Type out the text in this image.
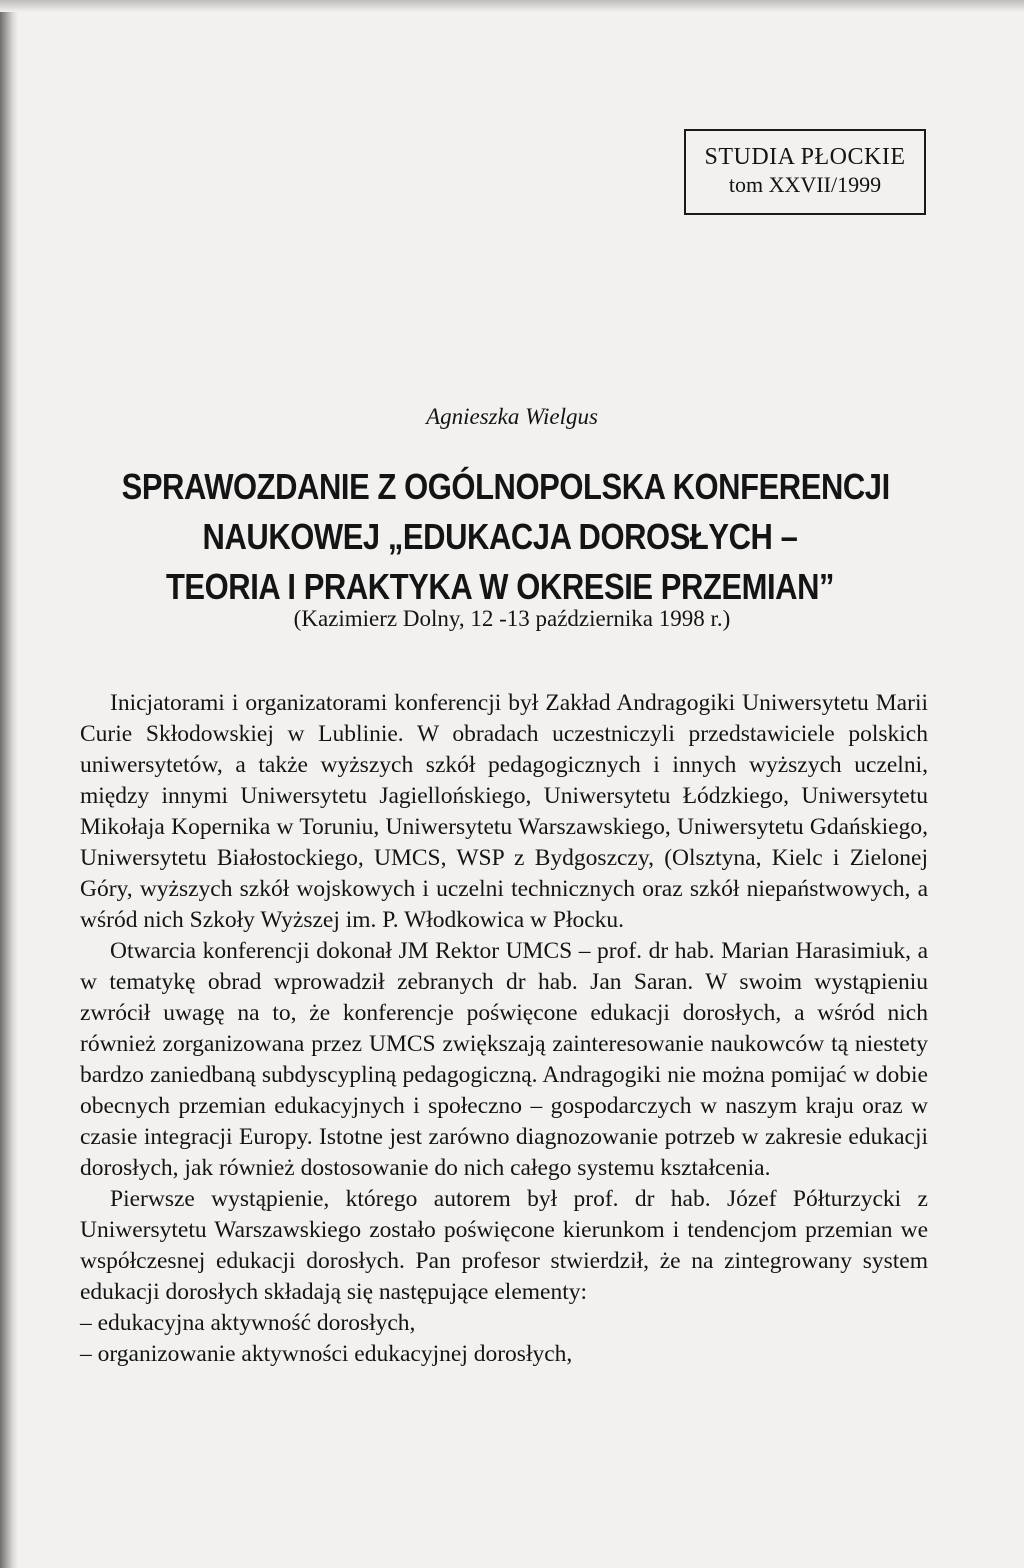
STUDIA PŁOCKIE
tom XXVII/1999
Agnieszka Wielgus
SPRAWOZDANIE Z OGÓLNOPOLSKA KONFERENCJI
NAUKOWEJ „EDUKACJA DOROSŁYCH –
TEORIA I PRAKTYKA W OKRESIE PRZEMIAN”
(Kazimierz Dolny, 12 -13 października 1998 r.)

Inicjatorami i organizatorami konferencji był Zakład Andragogiki Uniwersytetu Marii Curie Skłodowskiej w Lublinie. W obradach uczestniczyli przedstawiciele polskich uniwersytetów, a także wyższych szkół pedagogicznych i innych wyższych uczelni, między innymi Uniwersytetu Jagiellońskiego, Uniwersytetu Łódzkiego, Uniwersytetu Mikołaja Kopernika w Toruniu, Uniwersytetu Warszawskiego, Uniwersytetu Gdańskiego, Uniwersytetu Białostockiego, UMCS, WSP z Bydgoszczy, (Olsztyna, Kielc i Zielonej Góry, wyższych szkół wojskowych i uczelni technicznych oraz szkół niepaństwowych, a wśród nich Szkoły Wyższej im. P. Włodkowica w Płocku.

Otwarcia konferencji dokonał JM Rektor UMCS – prof. dr hab. Marian Harasimiuk, a w tematykę obrad wprowadził zebranych dr hab. Jan Saran. W swoim wystąpieniu zwrócił uwagę na to, że konferencje poświęcone edukacji dorosłych, a wśród nich również zorganizowana przez UMCS zwiększają zainteresowanie naukowców tą niestety bardzo zaniedbaną subdyscypliną pedagogiczną. Andragogiki nie można pomijać w dobie obecnych przemian edukacyjnych i społeczno – gospodarczych w naszym kraju oraz w czasie integracji Europy. Istotne jest zarówno diagnozowanie potrzeb w zakresie edukacji dorosłych, jak również dostosowanie do nich całego systemu kształcenia.

Pierwsze wystąpienie, którego autorem był prof. dr hab. Józef Półturzycki z Uniwersytetu Warszawskiego zostało poświęcone kierunkom i tendencjom przemian we współczesnej edukacji dorosłych. Pan profesor stwierdził, że na zintegrowany system edukacji dorosłych składają się następujące elementy:

– edukacyjna aktywność dorosłych,

– organizowanie aktywności edukacyjnej dorosłych,
